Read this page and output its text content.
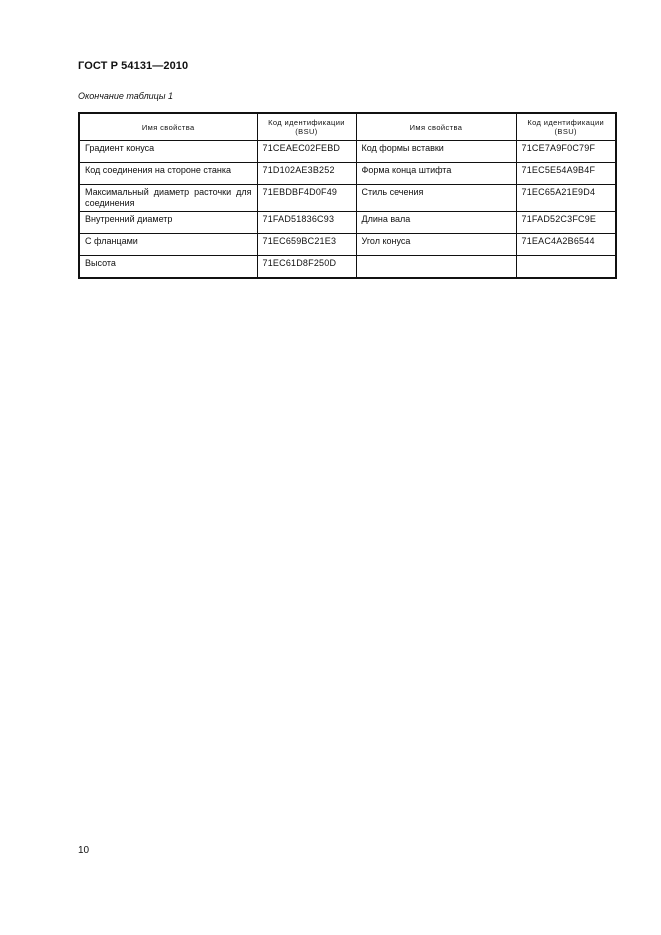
ГОСТ Р 54131—2010
Окончание таблицы 1
Имя свойства	Код идентификации (BSU)	Имя свойства	Код идентификации (BSU)
Градиент конуса	71CEAEC02FEBD	Код формы вставки	71CE7A9F0C79F
Код соединения на стороне станка	71D102AE3B252	Форма конца штифта	71EC5E54A9B4F
Максимальный диаметр расточки для соединения	71EBDBF4D0F49	Стиль сечения	71EC65A21E9D4
Внутренний диаметр	71FAD51836C93	Длина вала	71FAD52C3FC9E
С фланцами	71EC659BC21E3	Угол конуса	71EAC4A2B6544
Высота	71EC61D8F250D		
10
